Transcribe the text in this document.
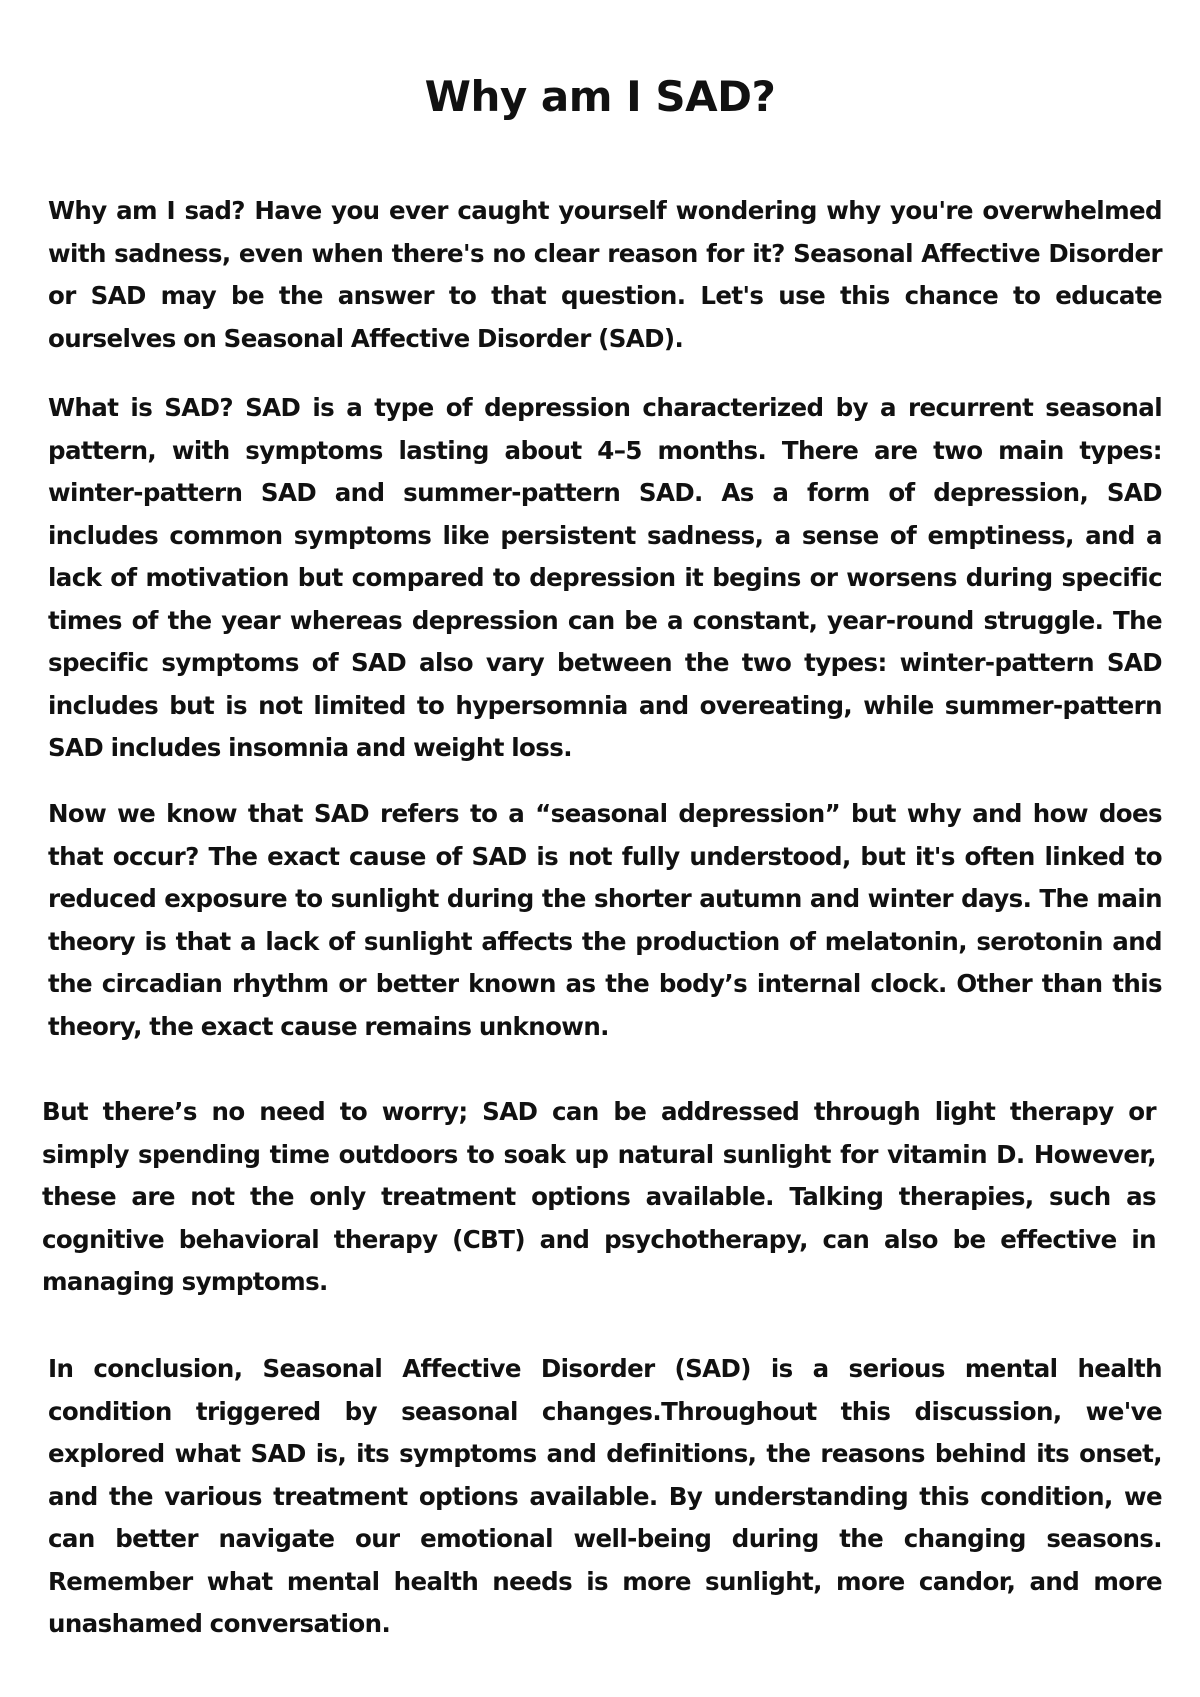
Why am I SAD?

Why am I sad? Have you ever caught yourself wondering why you're overwhelmed with sadness, even when there's no clear reason for it? Seasonal Affective Disorder or SAD may be the answer to that question. Let's use this chance to educate ourselves on Seasonal Affective Disorder (SAD).

What is SAD? SAD is a type of depression characterized by a recurrent seasonal pattern, with symptoms lasting about 4–5 months. There are two main types: winter-pattern SAD and summer-pattern SAD. As a form of depression, SAD includes common symptoms like persistent sadness, a sense of emptiness, and a lack of motivation but compared to depression it begins or worsens during specific times of the year whereas depression can be a constant, year-round struggle. The specific symptoms of SAD also vary between the two types: winter-pattern SAD includes but is not limited to hypersomnia and overeating, while summer-pattern SAD includes insomnia and weight loss.

Now we know that SAD refers to a “seasonal depression” but why and how does that occur? The exact cause of SAD is not fully understood, but it's often linked to reduced exposure to sunlight during the shorter autumn and winter days. The main theory is that a lack of sunlight affects the production of melatonin, serotonin and the circadian rhythm or better known as the body’s internal clock. Other than this theory, the exact cause remains unknown.

But there’s no need to worry; SAD can be addressed through light therapy or simply spending time outdoors to soak up natural sunlight for vitamin D. However, these are not the only treatment options available. Talking therapies, such as cognitive behavioral therapy (CBT) and psychotherapy, can also be effective in managing symptoms.

In conclusion, Seasonal Affective Disorder (SAD) is a serious mental health condition triggered by seasonal changes.Throughout this discussion, we've explored what SAD is, its symptoms and definitions, the reasons behind its onset, and the various treatment options available. By understanding this condition, we can better navigate our emotional well-being during the changing seasons. Remember what mental health needs is more sunlight, more candor, and more unashamed conversation.
